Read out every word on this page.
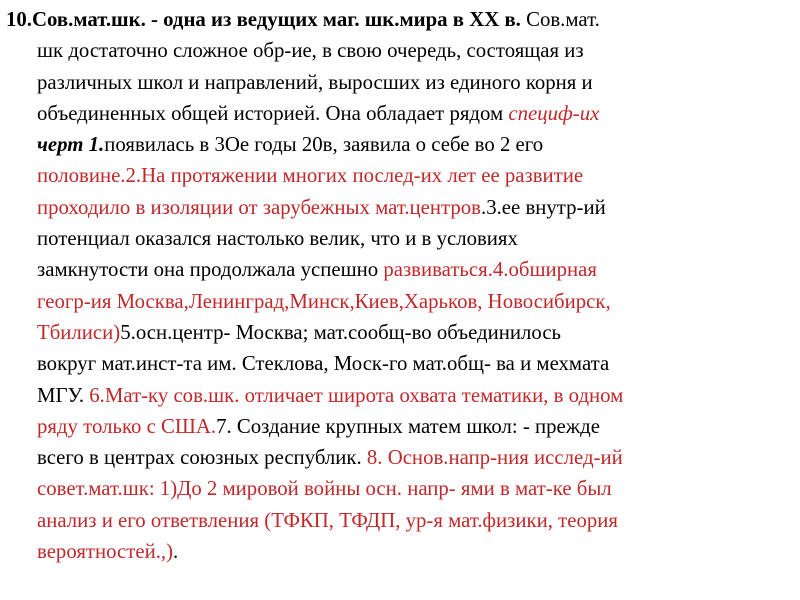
10.Сов.мат.шк. - одна из ведущих маг. шк.мира в XX в. Сов.мат.
шк достаточно сложное обр-ие, в свою очередь, состоящая из
различных школ и направлений, выросших из единого корня и
объединенных общей историей. Она обладает рядом специф-их
черт 1.появилась в 3Ое годы 20в, заявила о себе во 2 его
половине.2.На протяжении многих послед-их лет ее развитие
проходило в изоляции от зарубежных мат.центров.3.ее внутр-ий
потенциал оказался настолько велик, что и в условиях
замкнутости она продолжала успешно развиваться.4.обширная
геогр-ия Москва,Ленинград,Минск,Киев,Харьков, Новосибирск,
Тбилиси)5.осн.центр- Москва; мат.сообщ-во объединилось
вокруг мат.инст-та им. Стеклова, Моск-го мат.общ- ва и мехмата
МГУ. 6.Мат-ку сов.шк. отличает широта охвата тематики, в одном
ряду только с США.7. Создание крупных матем школ: - прежде
всего в центрах союзных республик. 8. Основ.напр-ния исслед-ий
совет.мат.шк: 1)До 2 мировой войны осн. напр- ями в мат-ке был
анализ и его ответвления (ТФКП, ТФДП, ур-я мат.физики, теория
вероятностей.,).
